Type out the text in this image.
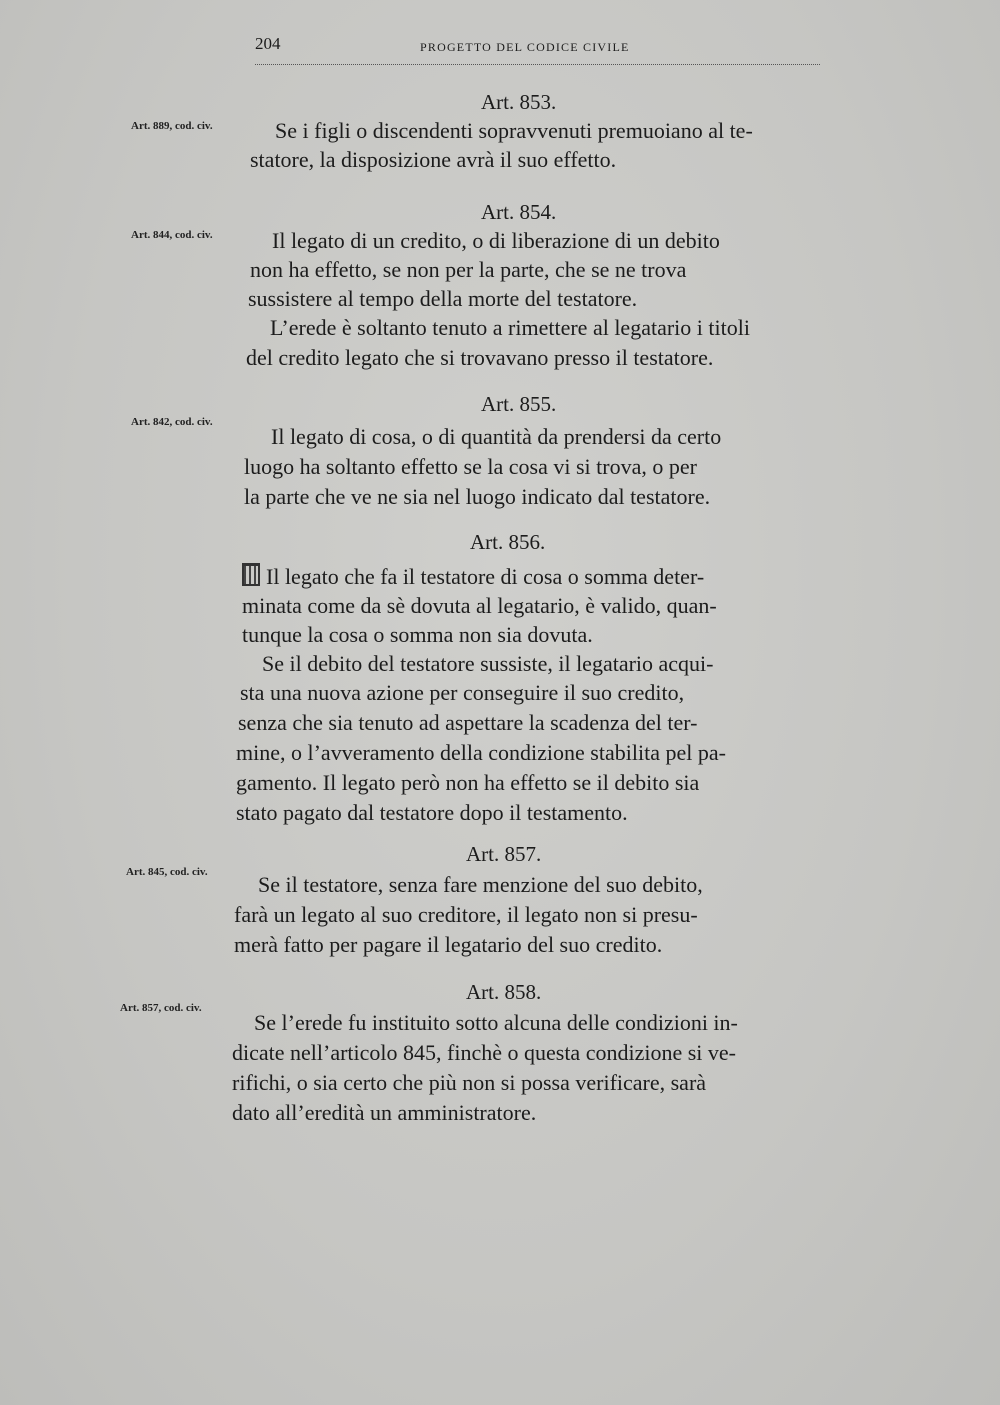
204	PROGETTO DEL CODICE CIVILE
Art. 853.
Art. 889, cod. civ.	Se i figli o discendenti sopravvenuti premuoiano al te-
statore, la disposizione avrà il suo effetto.
Art. 854.
Art. 844, cod. civ.	Il legato di un credito, o di liberazione di un debito
non ha effetto, se non per la parte, che se ne trova
sussistere al tempo della morte del testatore.
L’erede è soltanto tenuto a rimettere al legatario i titoli
del credito legato che si trovavano presso il testatore.
Art. 855.
Art. 842, cod. civ.
Il legato di cosa, o di quantità da prendersi da certo
luogo ha soltanto effetto se la cosa vi si trova, o per
la parte che ve ne sia nel luogo indicato dal testatore.
Art. 856.
Il legato che fa il testatore di cosa o somma deter-
minata come da sè dovuta al legatario, è valido, quan-
tunque la cosa o somma non sia dovuta.
Se il debito del testatore sussiste, il legatario acqui-
sta una nuova azione per conseguire il suo credito,
senza che sia tenuto ad aspettare la scadenza del ter-
mine, o l’avveramento della condizione stabilita pel pa-
gamento. Il legato però non ha effetto se il debito sia
stato pagato dal testatore dopo il testamento.
Art. 857.
Art. 845, cod. civ. Se il testatore, senza fare menzione del suo debito,
farà un legato al suo creditore, il legato non si presu-
merà fatto per pagare il legatario del suo credito.
Art. 858.
Art. 857, cod. civ.
Se l’erede fu instituito sotto alcuna delle condizioni in-
dicate nell’articolo 845, finchè o questa condizione si ve-
rifichi, o sia certo che più non si possa verificare, sarà
dato all’eredità un amministratore.
